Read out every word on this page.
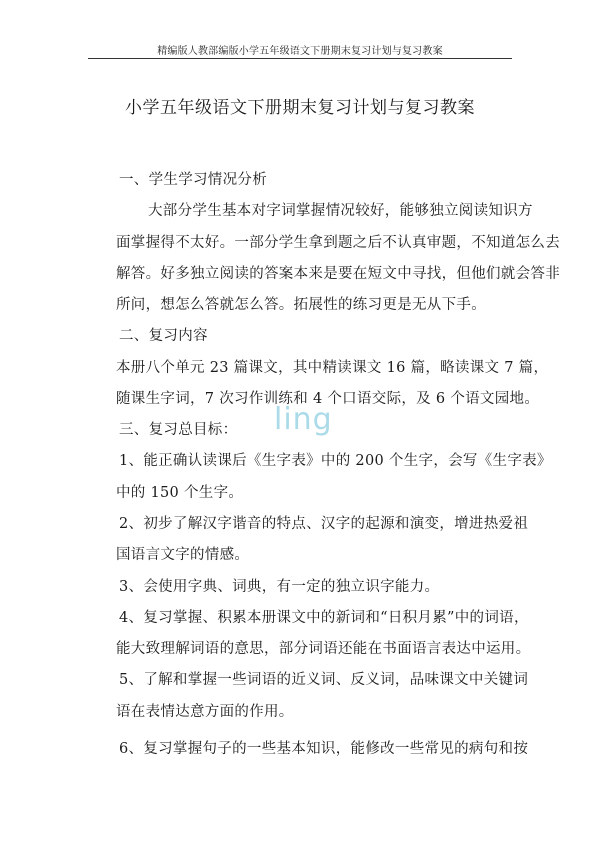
精编版人教部编版小学五年级语文下册期末复习计划与复习教案
小学五年级语文下册期末复习计划与复习教案
ling

一、学生学习情况分析

大部分学生基本对字词掌握情况较好，能够独立阅读知识方

面掌握得不太好。一部分学生拿到题之后不认真审题，不知道怎么去

解答。好多独立阅读的答案本来是要在短文中寻找，但他们就会答非

所问，想怎么答就怎么答。拓展性的练习更是无从下手。

二、复习内容

本册八个单元 23 篇课文，其中精读课文 16 篇，略读课文 7 篇，

随课生字词，7 次习作训练和 4 个口语交际，及 6 个语文园地。

三、复习总目标：

1、能正确认读课后《生字表》中的 200 个生字，会写《生字表》

中的 150 个生字。

2、初步了解汉字谐音的特点、汉字的起源和演变，增进热爱祖

国语言文字的情感。

3、会使用字典、词典，有一定的独立识字能力。

4、复习掌握、积累本册课文中的新词和“日积月累”中的词语，

能大致理解词语的意思，部分词语还能在书面语言表达中运用。

5、了解和掌握一些词语的近义词、反义词，品味课文中关键词

语在表情达意方面的作用。

6、复习掌握句子的一些基本知识，能修改一些常见的病句和按
